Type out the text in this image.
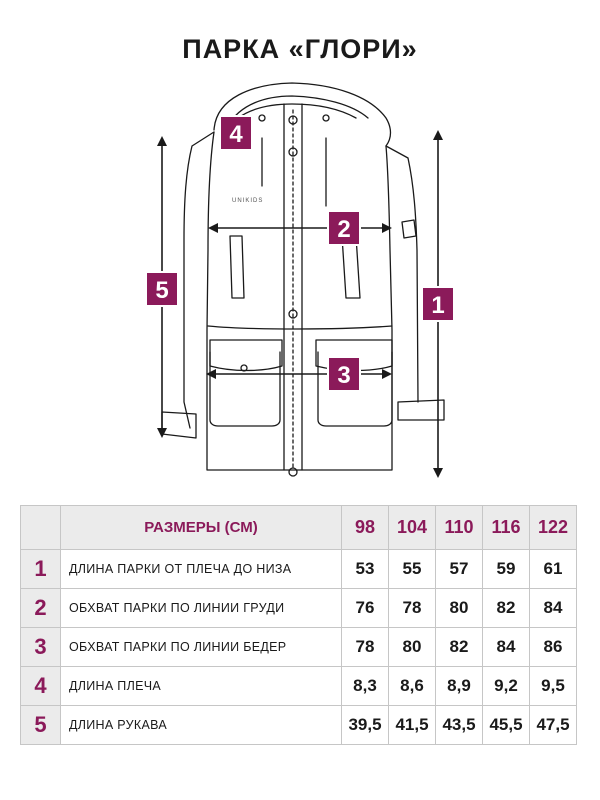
ПАРКА «ГЛОРИ»
UNIKIDS
1
2
3
4
5
	РАЗМЕРЫ (СМ)	98	104	110	116	122
1	ДЛИНА ПАРКИ ОТ ПЛЕЧА ДО НИЗА	53	55	57	59	61
2	ОБХВАТ ПАРКИ ПО ЛИНИИ ГРУДИ	76	78	80	82	84
3	ОБХВАТ ПАРКИ ПО ЛИНИИ БЕДЕР	78	80	82	84	86
4	ДЛИНА ПЛЕЧА	8,3	8,6	8,9	9,2	9,5
5	ДЛИНА РУКАВА	39,5	41,5	43,5	45,5	47,5
